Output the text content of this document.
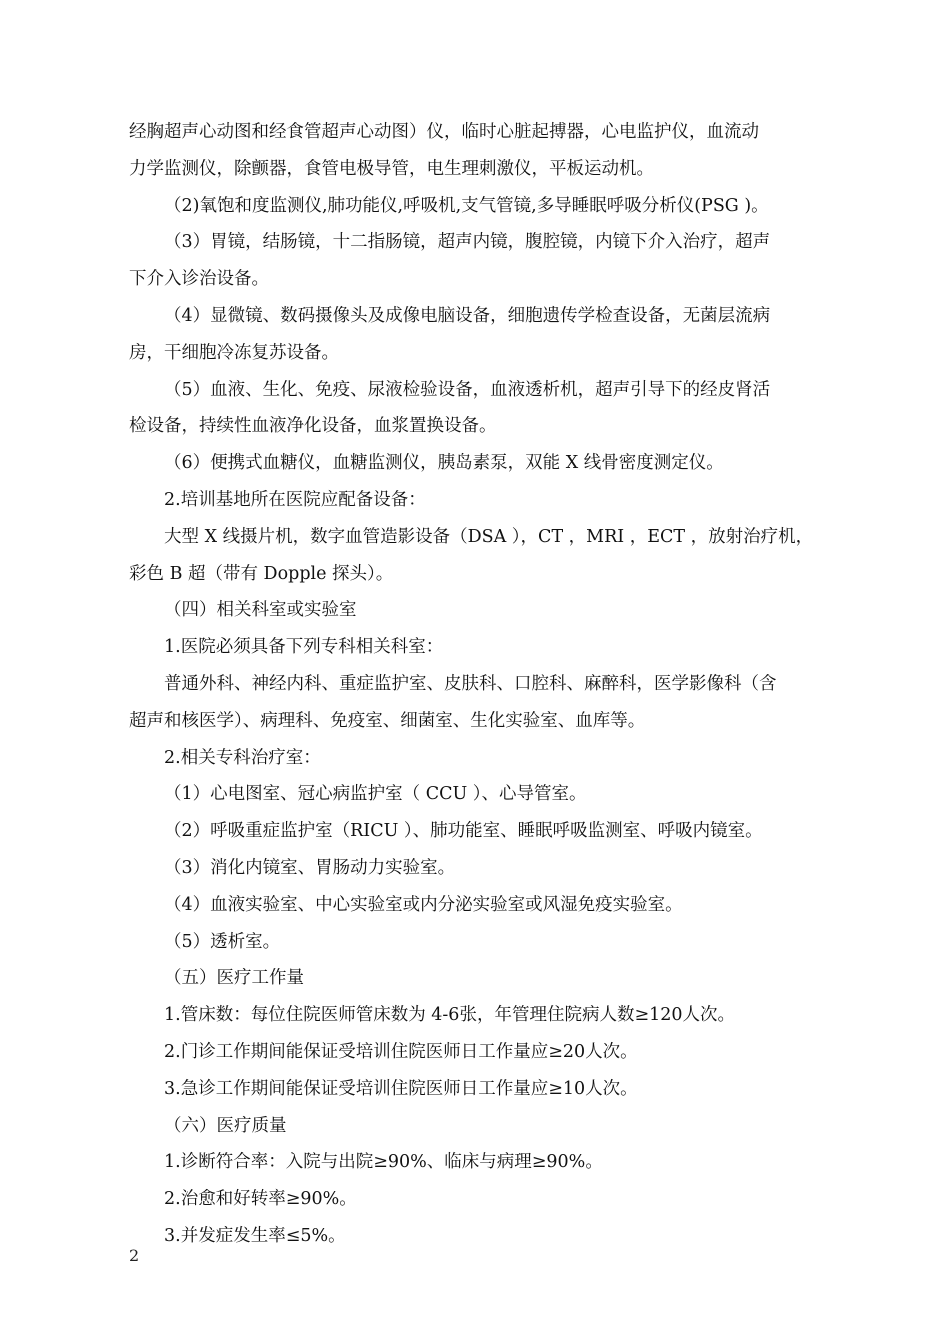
经胸超声心动图和经食管超声心动图）仪，临时心脏起搏器，心电监护仪，血流动
力学监测仪，除颤器，食管电极导管，电生理刺激仪，平板运动机。
（2)氧饱和度监测仪,肺功能仪,呼吸机,支气管镜,多导睡眠呼吸分析仪(PSG )。
（3）胃镜，结肠镜，十二指肠镜，超声内镜，腹腔镜，内镜下介入治疗，超声
下介入诊治设备。
（4）显微镜、数码摄像头及成像电脑设备，细胞遗传学检查设备，无菌层流病
房，干细胞冷冻复苏设备。
（5）血液、生化、免疫、尿液检验设备，血液透析机，超声引导下的经皮肾活
检设备，持续性血液净化设备，血浆置换设备。
（6）便携式血糖仪，血糖监测仪，胰岛素泵，双能 X 线骨密度测定仪。
2.培训基地所在医院应配备设备：
大型 X 线摄片机，数字血管造影设备（DSA ），CT ，MRI ，ECT ，放射治疗机，
彩色 B 超（带有 Dopple 探头）。
（四）相关科室或实验室
1.医院必须具备下列专科相关科室：
普通外科、神经内科、重症监护室、皮肤科、口腔科、麻醉科，医学影像科（含
超声和核医学）、病理科、免疫室、细菌室、生化实验室、血库等。
2.相关专科治疗室：
（1）心电图室、冠心病监护室（ CCU ）、心导管室。
（2）呼吸重症监护室（RICU ）、肺功能室、睡眠呼吸监测室、呼吸内镜室。
（3）消化内镜室、胃肠动力实验室。
（4）血液实验室、中心实验室或内分泌实验室或风湿免疫实验室。
（5）透析室。
（五）医疗工作量
1.管床数：每位住院医师管床数为 4-6张，年管理住院病人数≥120人次。
2.门诊工作期间能保证受培训住院医师日工作量应≥20人次。
3.急诊工作期间能保证受培训住院医师日工作量应≥10人次。
（六）医疗质量
1.诊断符合率：入院与出院≥90%、临床与病理≥90%。
2.治愈和好转率≥90%。
3.并发症发生率≤5%。
2
